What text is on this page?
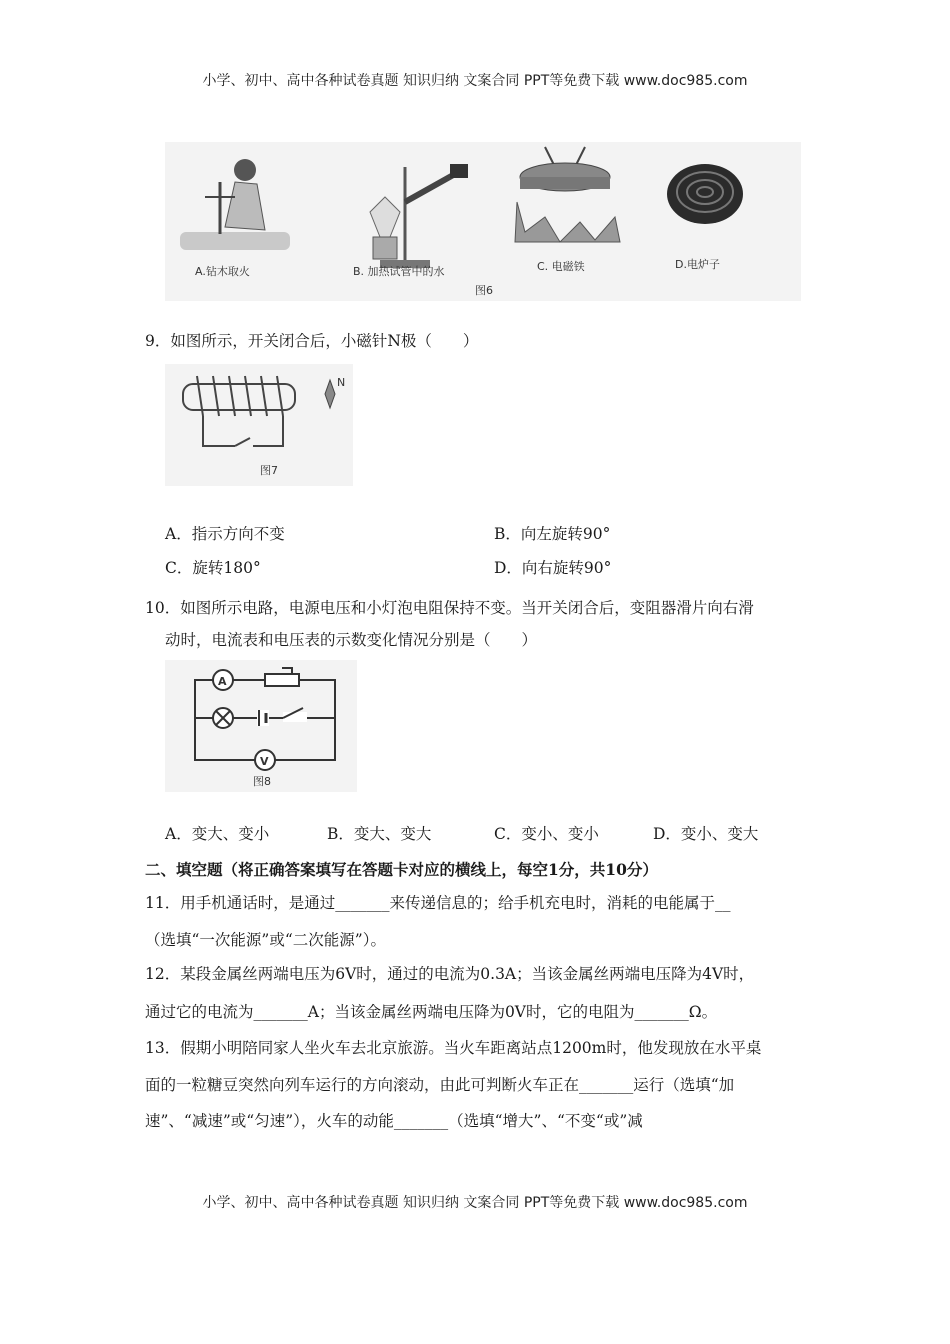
小学、初中、高中各种试卷真题 知识归纳 文案合同 PPT等免费下载 www.doc985.com
A.钻木取火	B. 加热试管中的水	C. 电磁铁	D.电炉子
图6
9．如图所示，开关闭合后，小磁针N极（　　）
N
图7
A．指示方向不变	B．向左旋转90°
C．旋转180°	D．向右旋转90°
10．如图所示电路，电源电压和小灯泡电阻保持不变。当开关闭合后，变阻器滑片向右滑
动时，电流表和电压表的示数变化情况分别是（　　）
A
V
图8
A．变大、变小	B．变大、变大	C．变小、变小	D．变小、变大
二、填空题（将正确答案填写在答题卡对应的横线上，每空1分，共10分）
11．用手机通话时，是通过_______来传递信息的；给手机充电时，消耗的电能属于__
（选填“一次能源”或“二次能源”）。
12．某段金属丝两端电压为6V时，通过的电流为0.3A；当该金属丝两端电压降为4V时，
通过它的电流为_______A；当该金属丝两端电压降为0V时，它的电阻为_______Ω。
13．假期小明陪同家人坐火车去北京旅游。当火车距离站点1200m时，他发现放在水平桌
面的一粒糖豆突然向列车运行的方向滚动，由此可判断火车正在_______运行（选填“加
速”、“减速”或“匀速”），火车的动能_______（选填“增大”、“不变“或”减
小学、初中、高中各种试卷真题 知识归纳 文案合同 PPT等免费下载 www.doc985.com
